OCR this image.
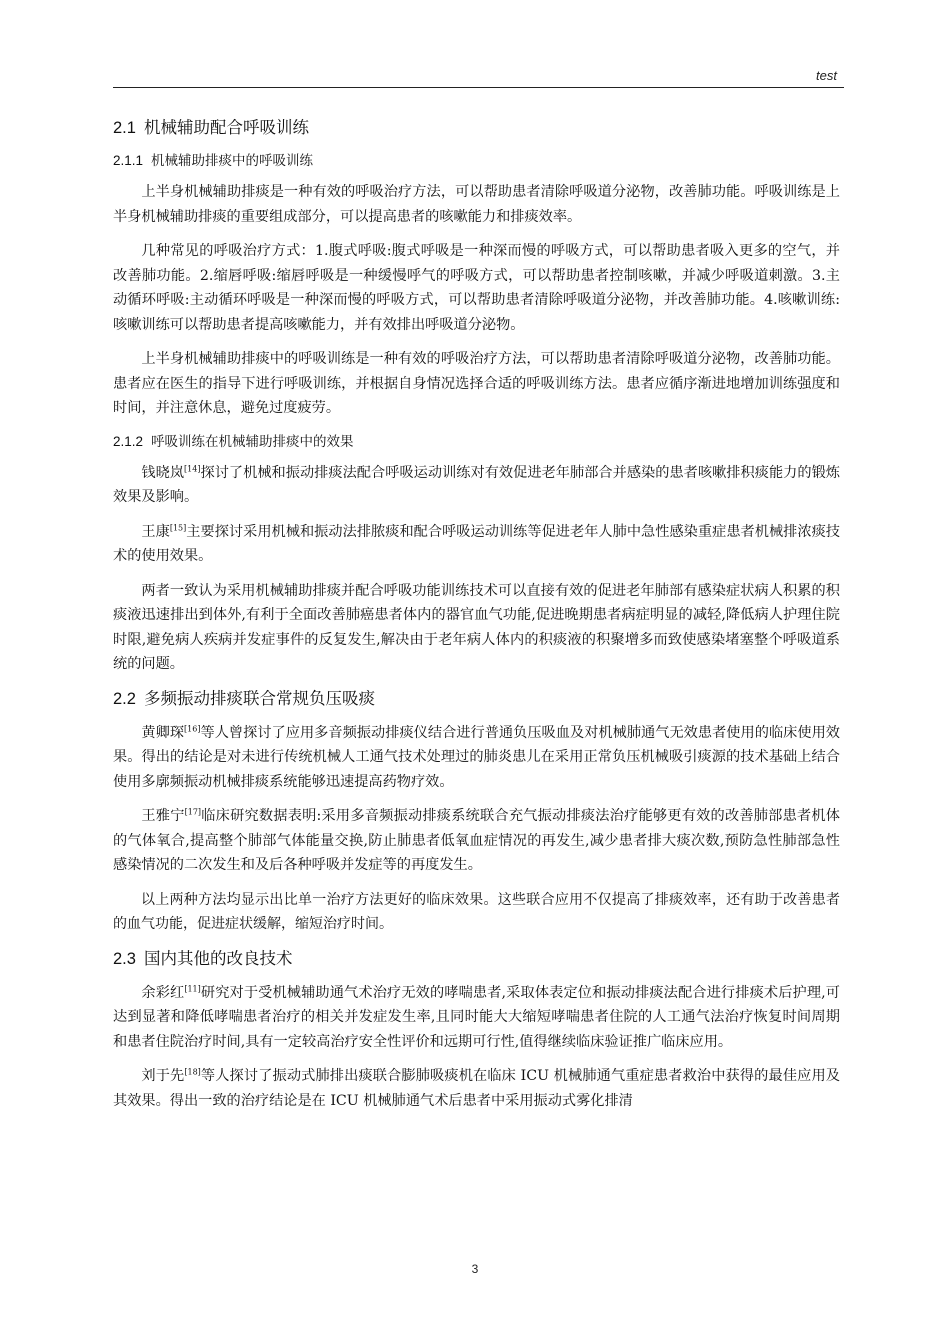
test
2.1 机械辅助配合呼吸训练
2.1.1 机械辅助排痰中的呼吸训练

上半身机械辅助排痰是一种有效的呼吸治疗方法，可以帮助患者清除呼吸道分泌物，改善肺功能。呼吸训练是上半身机械辅助排痰的重要组成部分，可以提高患者的咳嗽能力和排痰效率。

几种常见的呼吸治疗方式：1.腹式呼吸:腹式呼吸是一种深而慢的呼吸方式，可以帮助患者吸入更多的空气，并改善肺功能。2.缩唇呼吸:缩唇呼吸是一种缓慢呼气的呼吸方式，可以帮助患者控制咳嗽，并减少呼吸道刺激。3.主动循环呼吸:主动循环呼吸是一种深而慢的呼吸方式，可以帮助患者清除呼吸道分泌物，并改善肺功能。4.咳嗽训练:咳嗽训练可以帮助患者提高咳嗽能力，并有效排出呼吸道分泌物。

上半身机械辅助排痰中的呼吸训练是一种有效的呼吸治疗方法，可以帮助患者清除呼吸道分泌物，改善肺功能。患者应在医生的指导下进行呼吸训练，并根据自身情况选择合适的呼吸训练方法。患者应循序渐进地增加训练强度和时间，并注意休息，避免过度疲劳。

2.1.2 呼吸训练在机械辅助排痰中的效果

钱晓岚[14]探讨了机械和振动排痰法配合呼吸运动训练对有效促进老年肺部合并感染的患者咳嗽排积痰能力的锻炼效果及影响。

王康[15]主要探讨采用机械和振动法排脓痰和配合呼吸运动训练等促进老年人肺中急性感染重症患者机械排浓痰技术的使用效果。

两者一致认为采用机械辅助排痰并配合呼吸功能训练技术可以直接有效的促进老年肺部有感染症状病人积累的积痰液迅速排出到体外,有利于全面改善肺癌患者体内的器官血气功能,促进晚期患者病症明显的减轻,降低病人护理住院时限,避免病人疾病并发症事件的反复发生,解决由于老年病人体内的积痰液的积聚增多而致使感染堵塞整个呼吸道系统的问题。

2.2 多频振动排痰联合常规负压吸痰

黄卿琛[16]等人曾探讨了应用多音频振动排痰仪结合进行普通负压吸血及对机械肺通气无效患者使用的临床使用效果。得出的结论是对未进行传统机械人工通气技术处理过的肺炎患儿在采用正常负压机械吸引痰源的技术基础上结合使用多廓频振动机械排痰系统能够迅速提高药物疗效。

王雅宁[17]临床研究数据表明:采用多音频振动排痰系统联合充气振动排痰法治疗能够更有效的改善肺部患者机体的气体氧合,提高整个肺部气体能量交换,防止肺患者低氧血症情况的再发生,减少患者排大痰次数,预防急性肺部急性感染情况的二次发生和及后各种呼吸并发症等的再度发生。

以上两种方法均显示出比单一治疗方法更好的临床效果。这些联合应用不仅提高了排痰效率，还有助于改善患者的血气功能，促进症状缓解，缩短治疗时间。

2.3 国内其他的改良技术

余彩红[11]研究对于受机械辅助通气术治疗无效的哮喘患者,采取体表定位和振动排痰法配合进行排痰术后护理,可达到显著和降低哮喘患者治疗的相关并发症发生率,且同时能大大缩短哮喘患者住院的人工通气法治疗恢复时间周期和患者住院治疗时间,具有一定较高治疗安全性评价和远期可行性,值得继续临床验证推广临床应用。

刘于先[18]等人探讨了振动式肺排出痰联合膨肺吸痰机在临床 ICU 机械肺通气重症患者救治中获得的最佳应用及其效果。得出一致的治疗结论是在 ICU 机械肺通气术后患者中采用振动式雾化排清

3
